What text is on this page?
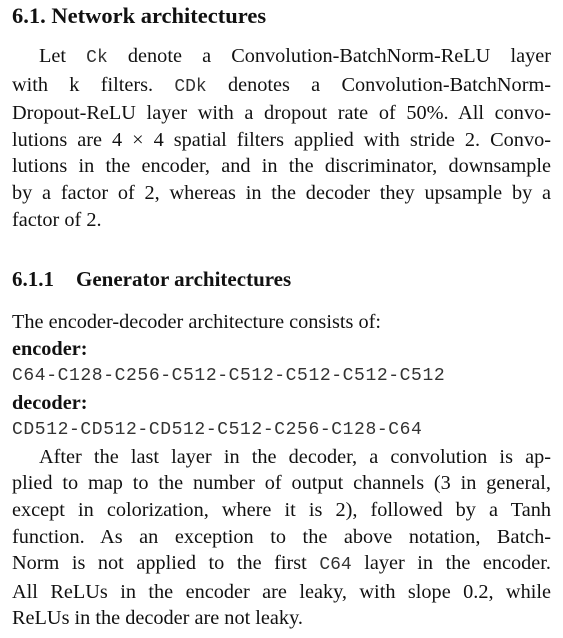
6.1. Network architectures

Let Ck denote a Convolution-BatchNorm-ReLU layer
with k filters. CDk denotes a Convolution-BatchNorm-
Dropout-ReLU layer with a dropout rate of 50%. All convo-
lutions are 4 × 4 spatial filters applied with stride 2. Convo-
lutions in the encoder, and in the discriminator, downsample
by a factor of 2, whereas in the decoder they upsample by a
factor of 2.

6.1.1 Generator architectures

The encoder-decoder architecture consists of:

encoder:

C64-C128-C256-C512-C512-C512-C512-C512

decoder:

CD512-CD512-CD512-C512-C256-C128-C64

After the last layer in the decoder, a convolution is ap-
plied to map to the number of output channels (3 in general,
except in colorization, where it is 2), followed by a Tanh
function. As an exception to the above notation, Batch-
Norm is not applied to the first C64 layer in the encoder.
All ReLUs in the encoder are leaky, with slope 0.2, while
ReLUs in the decoder are not leaky.
